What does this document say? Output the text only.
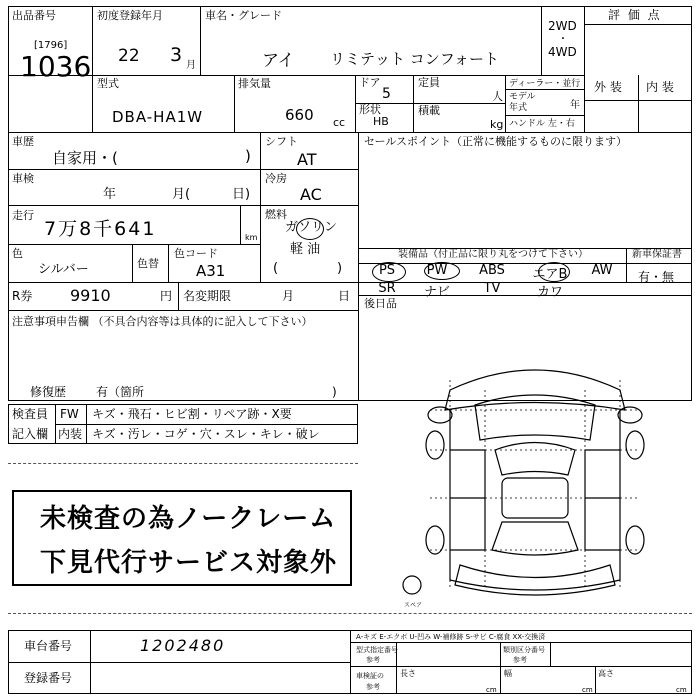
出品番号
[1796]
1036
初度登録年月
22 3 月
車名・グレード
アイ リミテット コンフォート
2WD
・
4WD
評 価 点
型式
DBA-HA1W
排気量
660 cc
ドア
5
形状
HB
定員
人
積載
kg
ディーラー・並行
モデル
年式	年
ハンドル 左・右
外 装 内 装
車歴
自家用・(	)
シフト
AT
セールスポイント（正常に機能するものに限ります）
車検
年	月(	日)
冷房
AC
走行
7万8千641	km
燃料
ガソリン
軽 油
(	)
色
シルバー	色替
色コード
A31
装備品（付正品に限り丸をつけて下さい）	新車保証書
有・無
PS	PW	ABS	エアB	AW
SR	ナビ	TV	カワ
R券 9910	円 名変期限	月	日
後日品
注意事項申告欄 （不具合内容等は具体的に記入して下さい）
修復歴 有（箇所	)
検査員
記入欄
FW キズ・飛石・ヒビ割・リペア跡・X要
内装 キズ・汚レ・コゲ・穴・スレ・キレ・破レ
未検査の為ノークレーム
下見代行サービス対象外
スペア
車台番号	1202480
登録番号
A-キズ E-エクボ U-凹み W-補修跡 S-サビ C-腐食 XX-交換済
型式指定番号
参考
類別区分番号
参考
車検証の
参考
長さ
cm
幅
cm
高さ
cm
